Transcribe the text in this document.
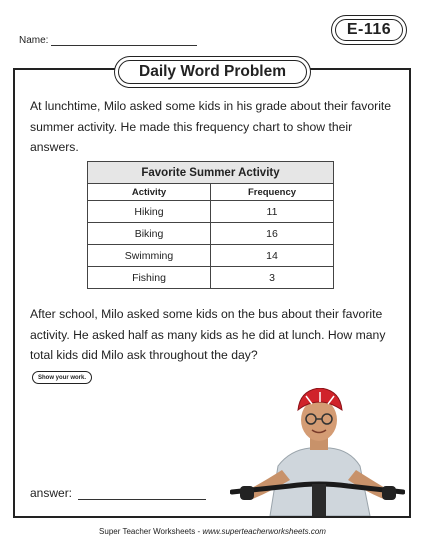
Name:
E-116
Daily Word Problem
At lunchtime, Milo asked some kids in his grade about their favorite summer activity. He made this frequency chart to show their answers.
Favorite Summer Activity	
Activity	Frequency
Hiking	11
Biking	16
Swimming	14
Fishing	3
After school, Milo asked some kids on the bus about their favorite activity. He asked half as many kids as he did at lunch. How many total kids did Milo ask throughout the day?
Show your work.
answer:
Super Teacher Worksheets - www.superteacherworksheets.com
